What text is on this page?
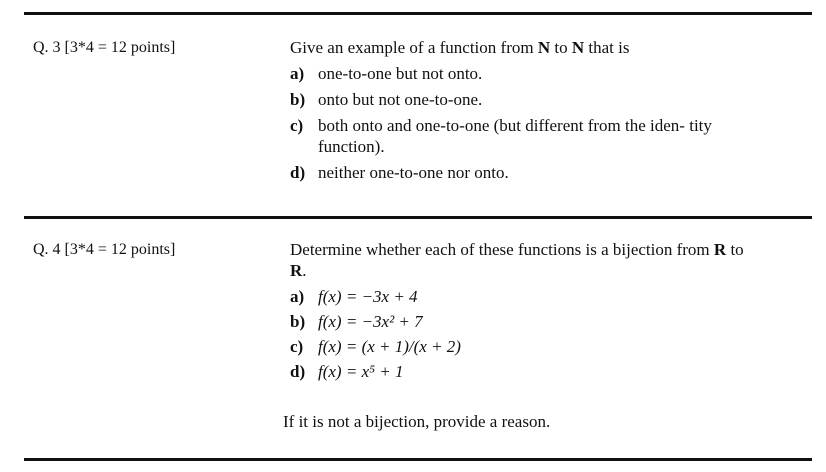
Q. 3 [3*4 = 12 points]	Give an example of a function from N to N that is
a) one-to-one but not onto.
b) onto but not one-to-one.
c) both onto and one-to-one (but different from the iden- tity function).
d) neither one-to-one nor onto.
Q. 4 [3*4 = 12 points]	Determine whether each of these functions is a bijection from R to R.
a) f(x) = −3x + 4
b) f(x) = −3x² + 7
c) f(x) = (x + 1)/(x + 2)
d) f(x) = x⁵ + 1
If it is not a bijection, provide a reason.
